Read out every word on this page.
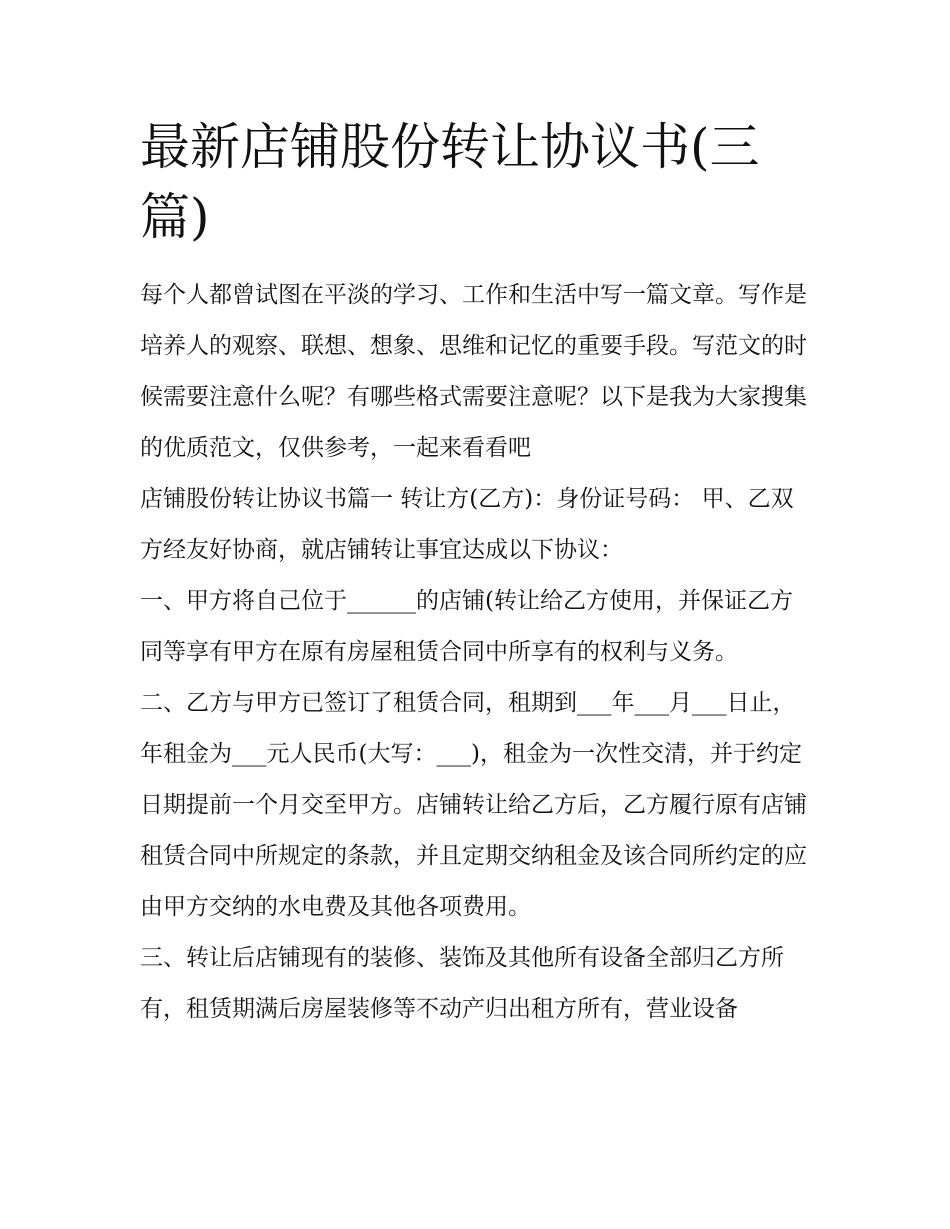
最新店铺股份转让协议书(三篇)

每个人都曾试图在平淡的学习、工作和生活中写一篇文章。写作是培养人的观察、联想、想象、思维和记忆的重要手段。写范文的时候需要注意什么呢？有哪些格式需要注意呢？以下是我为大家搜集的优质范文，仅供参考，一起来看看吧

店铺股份转让协议书篇一 转让方(乙方)：身份证号码： 甲、乙双方经友好协商，就店铺转让事宜达成以下协议：

一、甲方将自己位于______的店铺(转让给乙方使用，并保证乙方同等享有甲方在原有房屋租赁合同中所享有的权利与义务。

二、乙方与甲方已签订了租赁合同，租期到___年___月___日止，年租金为___元人民币(大写：___)，租金为一次性交清，并于约定日期提前一个月交至甲方。店铺转让给乙方后，乙方履行原有店铺租赁合同中所规定的条款，并且定期交纳租金及该合同所约定的应由甲方交纳的水电费及其他各项费用。

三、转让后店铺现有的装修、装饰及其他所有设备全部归乙方所有，租赁期满后房屋装修等不动产归出租方所有，营业设备
